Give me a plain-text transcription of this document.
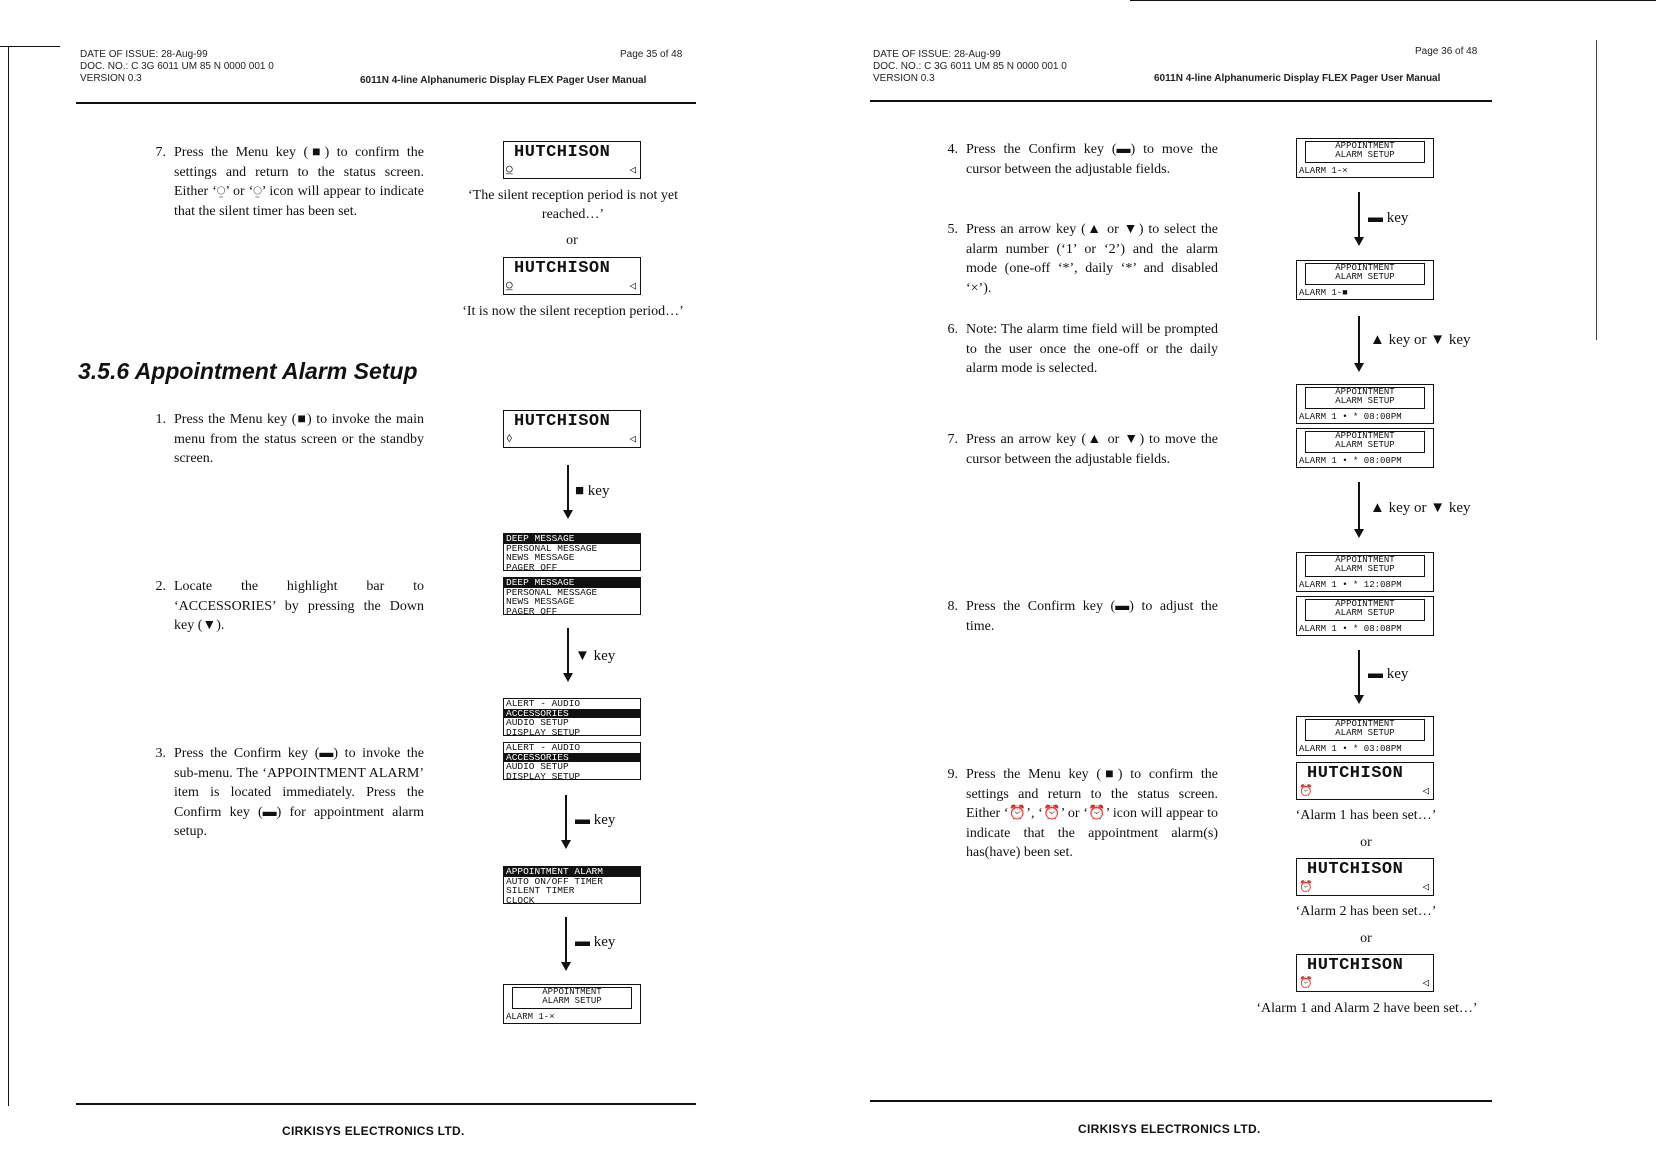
DATE OF ISSUE: 28-Aug-99
DOC. NO.: C 3G 6011 UM 85 N 0000 001 0
VERSION 0.3
Page 35 of 48
6011N 4-line Alphanumeric Display FLEX Pager User Manual
7. Press the Menu key (■) to confirm the settings and return to the status screen. Either ‘⍜’ or ‘⍜’ icon will appear to indicate that the silent timer has been set.
HUTCHISON
⍜	◁
‘The silent reception period is not yet reached…’
or
HUTCHISON
⍜	◁
‘It is now the silent reception period…’
3.5.6 Appointment Alarm Setup
1. Press the Menu key (■) to invoke the main menu from the status screen or the standby screen.
2. Locate the highlight bar to ‘ACCESSORIES’ by pressing the Down key (▼).
3. Press the Confirm key (▬) to invoke the sub-menu. The ‘APPOINTMENT ALARM’ item is located immediately. Press the Confirm key (▬) for appointment alarm setup.
HUTCHISON
◊	◁
■ key
DEEP MESSAGE
PERSONAL MESSAGE
NEWS MESSAGE
PAGER OFF
DEEP MESSAGE
PERSONAL MESSAGE
NEWS MESSAGE
PAGER OFF
▼ key
ALERT - AUDIO
ACCESSORIES
AUDIO SETUP
DISPLAY SETUP
ALERT - AUDIO
ACCESSORIES
AUDIO SETUP
DISPLAY SETUP
▬ key
APPOINTMENT ALARM
AUTO ON/OFF TIMER
SILENT TIMER
CLOCK
▬ key
APPOINTMENT
ALARM SETUP
ALARM 1-×
CIRKISYS ELECTRONICS LTD.
DATE OF ISSUE: 28-Aug-99
DOC. NO.: C 3G 6011 UM 85 N 0000 001 0
VERSION 0.3
Page 36 of 48
6011N 4-line Alphanumeric Display FLEX Pager User Manual
4. Press the Confirm key (▬) to move the cursor between the adjustable fields.
5. Press an arrow key (▲ or ▼) to select the alarm number (‘1’ or ‘2’) and the alarm mode (one-off ‘*’, daily ‘*’ and disabled ‘×’).
6. Note: The alarm time field will be prompted to the user once the one-off or the daily alarm mode is selected.
7. Press an arrow key (▲ or ▼) to move the cursor between the adjustable fields.
8. Press the Confirm key (▬) to adjust the time.
9. Press the Menu key (■) to confirm the settings and return to the status screen. Either ‘⏰’, ‘⏰’ or ‘⏰’ icon will appear to indicate that the appointment alarm(s) has(have) been set.
APPOINTMENT
ALARM SETUP
ALARM 1-×
▬ key
APPOINTMENT
ALARM SETUP
ALARM 1-■
▲ key or ▼ key
APPOINTMENT
ALARM SETUP
ALARM 1 • * 08:00PM
APPOINTMENT
ALARM SETUP
ALARM 1 • * 08:00PM
▲ key or ▼ key
APPOINTMENT
ALARM SETUP
ALARM 1 • * 12:08PM
APPOINTMENT
ALARM SETUP
ALARM 1 • * 08:08PM
▬ key
APPOINTMENT
ALARM SETUP
ALARM 1 • * 03:08PM
HUTCHISON
⏰	◁
‘Alarm 1 has been set…’
or
HUTCHISON
⏰	◁
‘Alarm 2 has been set…’
or
HUTCHISON
⏰	◁
‘Alarm 1 and Alarm 2 have been set…’
CIRKISYS ELECTRONICS LTD.
